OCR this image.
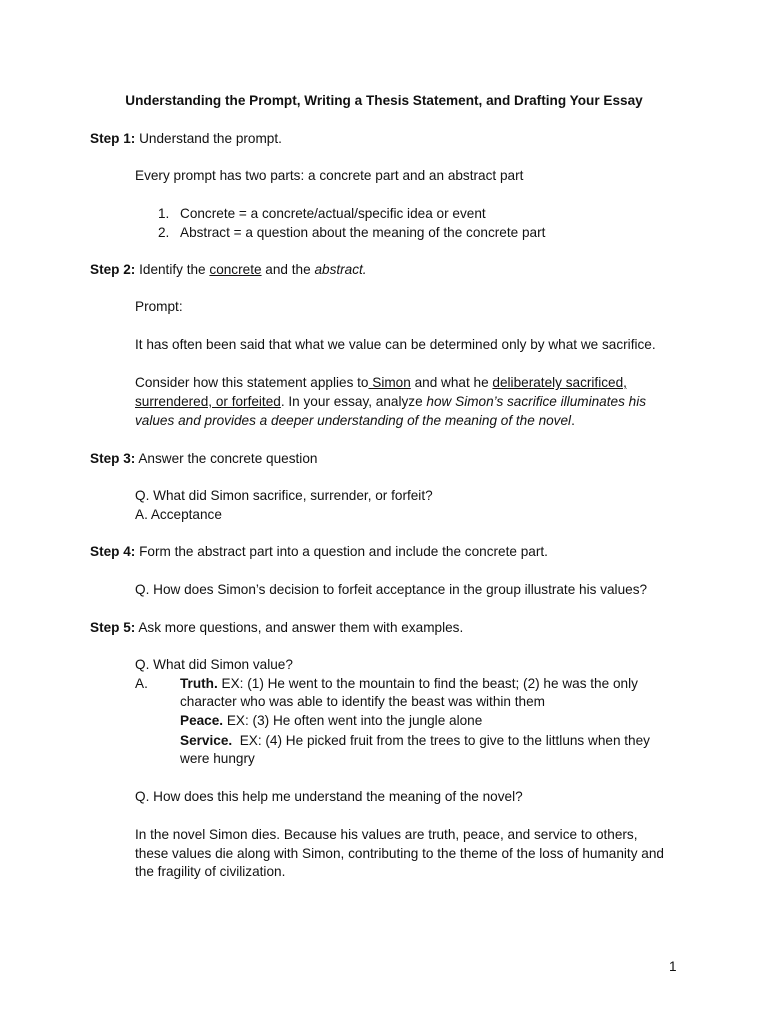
Understanding the Prompt, Writing a Thesis Statement, and Drafting Your Essay
Step 1: Understand the prompt.
Every prompt has two parts: a concrete part and an abstract part
1. Concrete = a concrete/actual/specific idea or event
2. Abstract = a question about the meaning of the concrete part
Step 2: Identify the concrete and the abstract.
Prompt:
It has often been said that what we value can be determined only by what we sacrifice.
Consider how this statement applies to Simon and what he deliberately sacrificed,
surrendered, or forfeited. In your essay, analyze how Simon’s sacrifice illuminates his
values and provides a deeper understanding of the meaning of the novel.
Step 3: Answer the concrete question
Q. What did Simon sacrifice, surrender, or forfeit?
A. Acceptance
Step 4: Form the abstract part into a question and include the concrete part.
Q. How does Simon’s decision to forfeit acceptance in the group illustrate his values?
Step 5: Ask more questions, and answer them with examples.
Q. What did Simon value?
A. Truth. EX: (1) He went to the mountain to find the beast; (2) he was the only
character who was able to identify the beast was within them
Peace. EX: (3) He often went into the jungle alone
Service.  EX: (4) He picked fruit from the trees to give to the littluns when they
were hungry
Q. How does this help me understand the meaning of the novel?
In the novel Simon dies. Because his values are truth, peace, and service to others,
these values die along with Simon, contributing to the theme of the loss of humanity and
the fragility of civilization.
1
